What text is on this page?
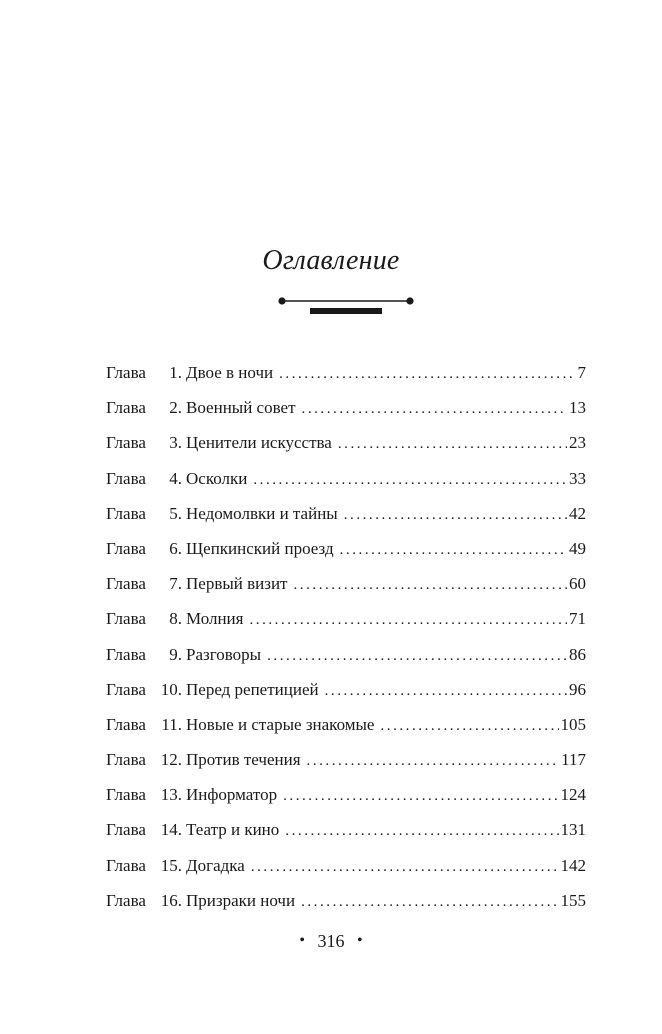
Оглавление
Глава	1. Двое в ночи . . .	7
Глава	2. Военный совет . . .	13
Глава	3. Ценители искусства . . .	23
Глава	4. Осколки . . .	33
Глава	5. Недомолвки и тайны . . .	42
Глава	6. Щепкинский проезд . . .	49
Глава	7. Первый визит . . .	60
Глава	8. Молния . . .	71
Глава	9. Разговоры . . .	86
Глава 10. Перед репетицией . . .	96
Глава 11. Новые и старые знакомые . . .	105
Глава 12. Против течения . . .	117
Глава 13. Информатор . . .	124
Глава 14. Театр и кино . . .	131
Глава 15. Догадка . . .	142
Глава 16. Призраки ночи . . .	155
• 316 •
